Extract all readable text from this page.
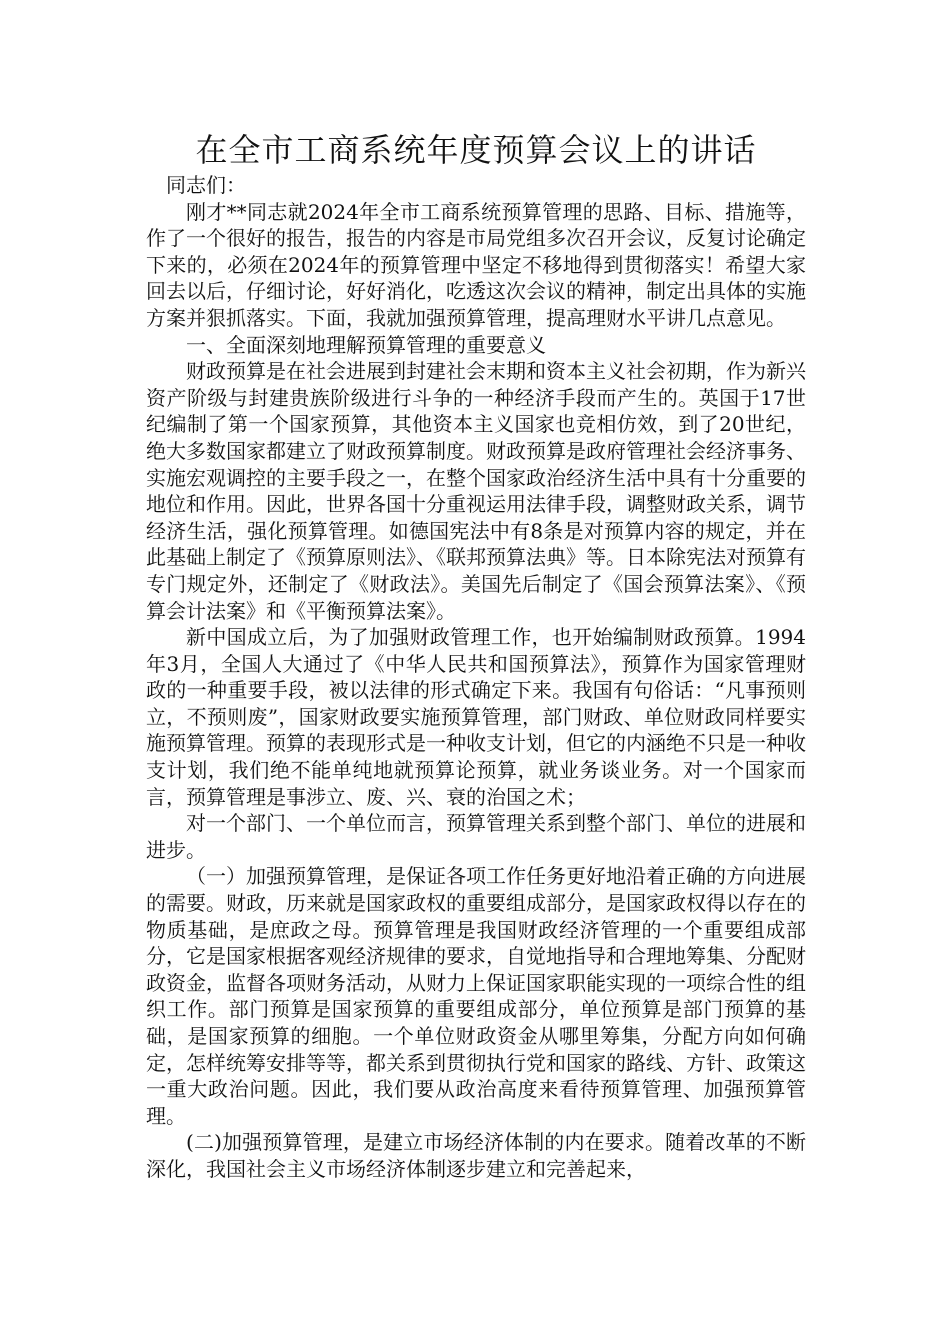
在全市工商系统年度预算会议上的讲话

同志们：

刚才**同志就2024年全市工商系统预算管理的思路、目标、措施等，作了一个很好的报告，报告的内容是市局党组多次召开会议，反复讨论确定下来的，必须在2024年的预算管理中坚定不移地得到贯彻落实！希望大家回去以后，仔细讨论，好好消化，吃透这次会议的精神，制定出具体的实施方案并狠抓落实。下面，我就加强预算管理，提高理财水平讲几点意见。

一、全面深刻地理解预算管理的重要意义

财政预算是在社会进展到封建社会末期和资本主义社会初期，作为新兴资产阶级与封建贵族阶级进行斗争的一种经济手段而产生的。英国于17世纪编制了第一个国家预算，其他资本主义国家也竞相仿效，到了20世纪，绝大多数国家都建立了财政预算制度。财政预算是政府管理社会经济事务、实施宏观调控的主要手段之一，在整个国家政治经济生活中具有十分重要的地位和作用。因此，世界各国十分重视运用法律手段，调整财政关系，调节经济生活，强化预算管理。如德国宪法中有8条是对预算内容的规定，并在此基础上制定了《预算原则法》、《联邦预算法典》等。日本除宪法对预算有专门规定外，还制定了《财政法》。美国先后制定了《国会预算法案》、《预算会计法案》和《平衡预算法案》。

新中国成立后，为了加强财政管理工作，也开始编制财政预算。1994年3月，全国人大通过了《中华人民共和国预算法》，预算作为国家管理财政的一种重要手段，被以法律的形式确定下来。我国有句俗话：“凡事预则立，不预则废”，国家财政要实施预算管理，部门财政、单位财政同样要实施预算管理。预算的表现形式是一种收支计划，但它的内涵绝不只是一种收支计划，我们绝不能单纯地就预算论预算，就业务谈业务。对一个国家而言，预算管理是事涉立、废、兴、衰的治国之术；

对一个部门、一个单位而言，预算管理关系到整个部门、单位的进展和进步。

（一）加强预算管理，是保证各项工作任务更好地沿着正确的方向进展的需要。财政，历来就是国家政权的重要组成部分，是国家政权得以存在的物质基础，是庶政之母。预算管理是我国财政经济管理的一个重要组成部分，它是国家根据客观经济规律的要求，自觉地指导和合理地筹集、分配财政资金，监督各项财务活动，从财力上保证国家职能实现的一项综合性的组织工作。部门预算是国家预算的重要组成部分，单位预算是部门预算的基础，是国家预算的细胞。一个单位财政资金从哪里筹集，分配方向如何确定，怎样统筹安排等等，都关系到贯彻执行党和国家的路线、方针、政策这一重大政治问题。因此，我们要从政治高度来看待预算管理、加强预算管理。

(二)加强预算管理，是建立市场经济体制的内在要求。随着改革的不断深化，我国社会主义市场经济体制逐步建立和完善起来，
